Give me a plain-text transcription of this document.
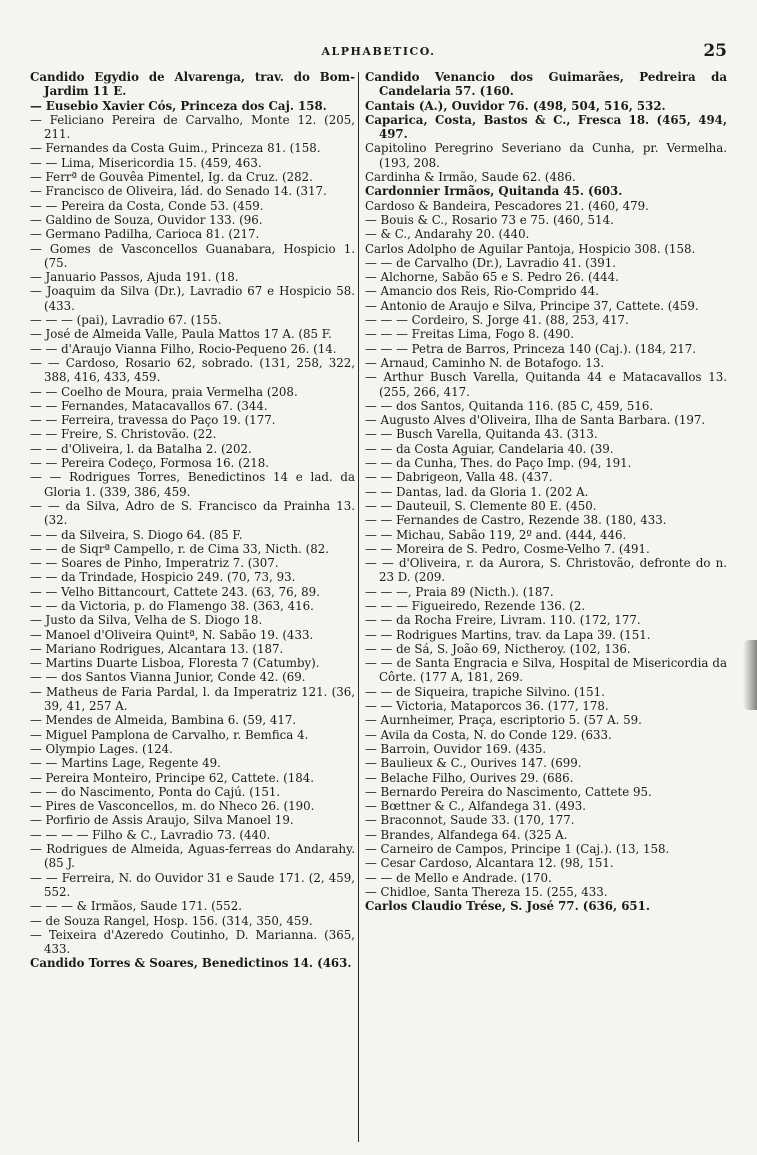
ALPHABETICO.	25
Candido Egydio de Alvarenga, trav. do Bom-Jardim 11 E.
— Eusebio Xavier Cós, Princeza dos Caj. 158.
— Feliciano Pereira de Carvalho, Monte 12. (205, 211.
— Fernandes da Costa Guim., Princeza 81. (158.
— — Lima, Misericordia 15. (459, 463.
— Ferrª de Gouvêa Pimentel, Ig. da Cruz. (282.
— Francisco de Oliveira, lád. do Senado 14. (317.
— — Pereira da Costa, Conde 53. (459.
— Galdino de Souza, Ouvidor 133. (96.
— Germano Padilha, Carioca 81. (217.
— Gomes de Vasconcellos Guanabara, Hospicio 1. (75.
— Januario Passos, Ajuda 191. (18.
— Joaquim da Silva (Dr.), Lavradio 67 e Hospicio 58. (433.
— — — (pai), Lavradio 67. (155.
— José de Almeida Valle, Paula Mattos 17 A. (85 F.
— — d'Araujo Vianna Filho, Rocio-Pequeno 26. (14.
— — Cardoso, Rosario 62, sobrado. (131, 258, 322, 388, 416, 433, 459.
— — Coelho de Moura, praia Vermelha (208.
— — Fernandes, Matacavallos 67. (344.
— — Ferreira, travessa do Paço 19. (177.
— — Freire, S. Christovão. (22.
— — d'Oliveira, l. da Batalha 2. (202.
— — Pereira Codeço, Formosa 16. (218.
— — Rodrigues Torres, Benedictinos 14 e lad. da Gloria 1. (339, 386, 459.
— — da Silva, Adro de S. Francisco da Prainha 13. (32.
— — da Silveira, S. Diogo 64. (85 F.
— — de Siqrª Campello, r. de Cima 33, Nicth. (82.
— — Soares de Pinho, Imperatriz 7. (307.
— — da Trindade, Hospicio 249. (70, 73, 93.
— — Velho Bittancourt, Cattete 243. (63, 76, 89.
— — da Victoria, p. do Flamengo 38. (363, 416.
— Justo da Silva, Velha de S. Diogo 18.
— Manoel d'Oliveira Quintª, N. Sabão 19. (433.
— Mariano Rodrigues, Alcantara 13. (187.
— Martins Duarte Lisboa, Floresta 7 (Catumby).
— — dos Santos Vianna Junior, Conde 42. (69.
— Matheus de Faria Pardal, l. da Imperatriz 121. (36, 39, 41, 257 A.
— Mendes de Almeida, Bambina 6. (59, 417.
— Miguel Pamplona de Carvalho, r. Bemfica 4.
— Olympio Lages. (124.
— — Martins Lage, Regente 49.
— Pereira Monteiro, Principe 62, Cattete. (184.
— — do Nascimento, Ponta do Cajú. (151.
— Pires de Vasconcellos, m. do Nheco 26. (190.
— Porfirio de Assis Araujo, Silva Manoel 19.
— — — — Filho & C., Lavradio 73. (440.
— Rodrigues de Almeida, Aguas-ferreas do Andarahy. (85 J.
— — Ferreira, N. do Ouvidor 31 e Saude 171. (2, 459, 552.
— — — & Irmãos, Saude 171. (552.
— de Souza Rangel, Hosp. 156. (314, 350, 459.
— Teixeira d'Azeredo Coutinho, D. Marianna. (365, 433.
Candido Torres & Soares, Benedictinos 14. (463.
Candido Venancio dos Guimarães, Pedreira da Candelaria 57. (160.
Cantais (A.), Ouvidor 76. (498, 504, 516, 532.
Caparica, Costa, Bastos & C., Fresca 18. (465, 494, 497.
Capitolino Peregrino Severiano da Cunha, pr. Vermelha. (193, 208.
Cardinha & Irmão, Saude 62. (486.
Cardonnier Irmãos, Quitanda 45. (603.
Cardoso & Bandeira, Pescadores 21. (460, 479.
— Bouis & C., Rosario 73 e 75. (460, 514.
— & C., Andarahy 20. (440.
Carlos Adolpho de Aguilar Pantoja, Hospicio 308. (158.
— — de Carvalho (Dr.), Lavradio 41. (391.
— Alchorne, Sabão 65 e S. Pedro 26. (444.
— Amancio dos Reis, Rio-Comprido 44.
— Antonio de Araujo e Silva, Principe 37, Cattete. (459.
— — — Cordeiro, S. Jorge 41. (88, 253, 417.
— — — Freitas Lima, Fogo 8. (490.
— — — Petra de Barros, Princeza 140 (Caj.). (184, 217.
— Arnaud, Caminho N. de Botafogo. 13.
— Arthur Busch Varella, Quitanda 44 e Matacavallos 13. (255, 266, 417.
— — dos Santos, Quitanda 116. (85 C, 459, 516.
— Augusto Alves d'Oliveira, Ilha de Santa Barbara. (197.
— — Busch Varella, Quitanda 43. (313.
— — da Costa Aguiar, Candelaria 40. (39.
— — da Cunha, Thes. do Paço Imp. (94, 191.
— — Dabrigeon, Valla 48. (437.
— — Dantas, lad. da Gloria 1. (202 A.
— — Dauteuil, S. Clemente 80 E. (450.
— — Fernandes de Castro, Rezende 38. (180, 433.
— — Michau, Sabão 119, 2º and. (444, 446.
— — Moreira de S. Pedro, Cosme-Velho 7. (491.
— — d'Oliveira, r. da Aurora, S. Christovão, defronte do n. 23 D. (209.
— — —, Praia 89 (Nicth.). (187.
— — — Figueiredo, Rezende 136. (2.
— — da Rocha Freire, Livram. 110. (172, 177.
— — Rodrigues Martins, trav. da Lapa 39. (151.
— — de Sá, S. João 69, Nictheroy. (102, 136.
— — de Santa Engracia e Silva, Hospital de Misericordia da Côrte. (177 A, 181, 269.
— — de Siqueira, trapiche Silvino. (151.
— — Victoria, Mataporcos 36. (177, 178.
— Aurnheimer, Praça, escriptorio 5. (57 A. 59.
— Avila da Costa, N. do Conde 129. (633.
— Barroin, Ouvidor 169. (435.
— Baulieux & C., Ourives 147. (699.
— Belache Filho, Ourives 29. (686.
— Bernardo Pereira do Nascimento, Cattete 95.
— Bœttner & C., Alfandega 31. (493.
— Braconnot, Saude 33. (170, 177.
— Brandes, Alfandega 64. (325 A.
— Carneiro de Campos, Principe 1 (Caj.). (13, 158.
— Cesar Cardoso, Alcantara 12. (98, 151.
— — de Mello e Andrade. (170.
— Chidloe, Santa Thereza 15. (255, 433.
Carlos Claudio Trése, S. José 77. (636, 651.
